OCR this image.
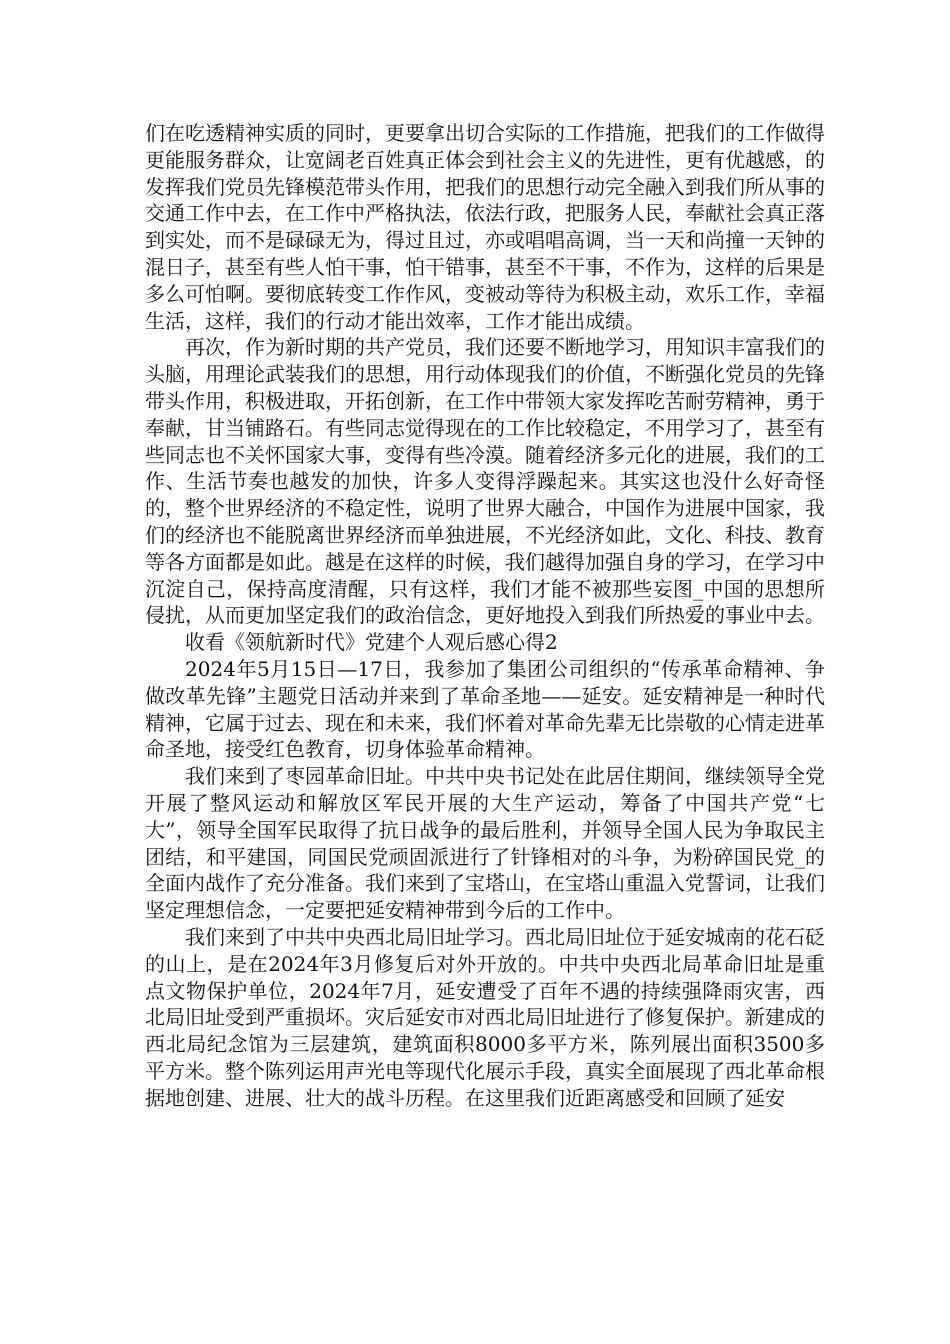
们在吃透精神实质的同时，更要拿出切合实际的工作措施，把我们的工作做得更能服务群众，让宽阔老百姓真正体会到社会主义的先进性，更有优越感，的发挥我们党员先锋模范带头作用，把我们的思想行动完全融入到我们所从事的交通工作中去，在工作中严格执法，依法行政，把服务人民，奉献社会真正落到实处，而不是碌碌无为，得过且过，亦或唱唱高调，当一天和尚撞一天钟的混日子，甚至有些人怕干事，怕干错事，甚至不干事，不作为，这样的后果是多么可怕啊。要彻底转变工作作风，变被动等待为积极主动，欢乐工作，幸福生活，这样，我们的行动才能出效率，工作才能出成绩。

再次，作为新时期的共产党员，我们还要不断地学习，用知识丰富我们的头脑，用理论武装我们的思想，用行动体现我们的价值，不断强化党员的先锋带头作用，积极进取，开拓创新，在工作中带领大家发挥吃苦耐劳精神，勇于奉献，甘当铺路石。有些同志觉得现在的工作比较稳定，不用学习了，甚至有些同志也不关怀国家大事，变得有些冷漠。随着经济多元化的进展，我们的工作、生活节奏也越发的加快，许多人变得浮躁起来。其实这也没什么好奇怪的，整个世界经济的不稳定性，说明了世界大融合，中国作为进展中国家，我们的经济也不能脱离世界经济而单独进展，不光经济如此，文化、科技、教育等各方面都是如此。越是在这样的时候，我们越得加强自身的学习，在学习中沉淀自己，保持高度清醒，只有这样，我们才能不被那些妄图_中国的思想所侵扰，从而更加坚定我们的政治信念，更好地投入到我们所热爱的事业中去。

收看《领航新时代》党建个人观后感心得2

2024年5月15日—17日，我参加了集团公司组织的“传承革命精神、争做改革先锋”主题党日活动并来到了革命圣地——延安。延安精神是一种时代精神，它属于过去、现在和未来，我们怀着对革命先辈无比崇敬的心情走进革命圣地，接受红色教育，切身体验革命精神。

我们来到了枣园革命旧址。中共中央书记处在此居住期间，继续领导全党开展了整风运动和解放区军民开展的大生产运动，筹备了中国共产党“七大”，领导全国军民取得了抗日战争的最后胜利，并领导全国人民为争取民主团结，和平建国，同国民党顽固派进行了针锋相对的斗争，为粉碎国民党_的全面内战作了充分准备。我们来到了宝塔山，在宝塔山重温入党誓词，让我们坚定理想信念，一定要把延安精神带到今后的工作中。

我们来到了中共中央西北局旧址学习。西北局旧址位于延安城南的花石砭的山上，是在2024年3月修复后对外开放的。中共中央西北局革命旧址是重点文物保护单位，2024年7月，延安遭受了百年不遇的持续强降雨灾害，西北局旧址受到严重损坏。灾后延安市对西北局旧址进行了修复保护。新建成的西北局纪念馆为三层建筑，建筑面积8000多平方米，陈列展出面积3500多平方米。整个陈列运用声光电等现代化展示手段，真实全面展现了西北革命根据地创建、进展、壮大的战斗历程。在这里我们近距离感受和回顾了延安
